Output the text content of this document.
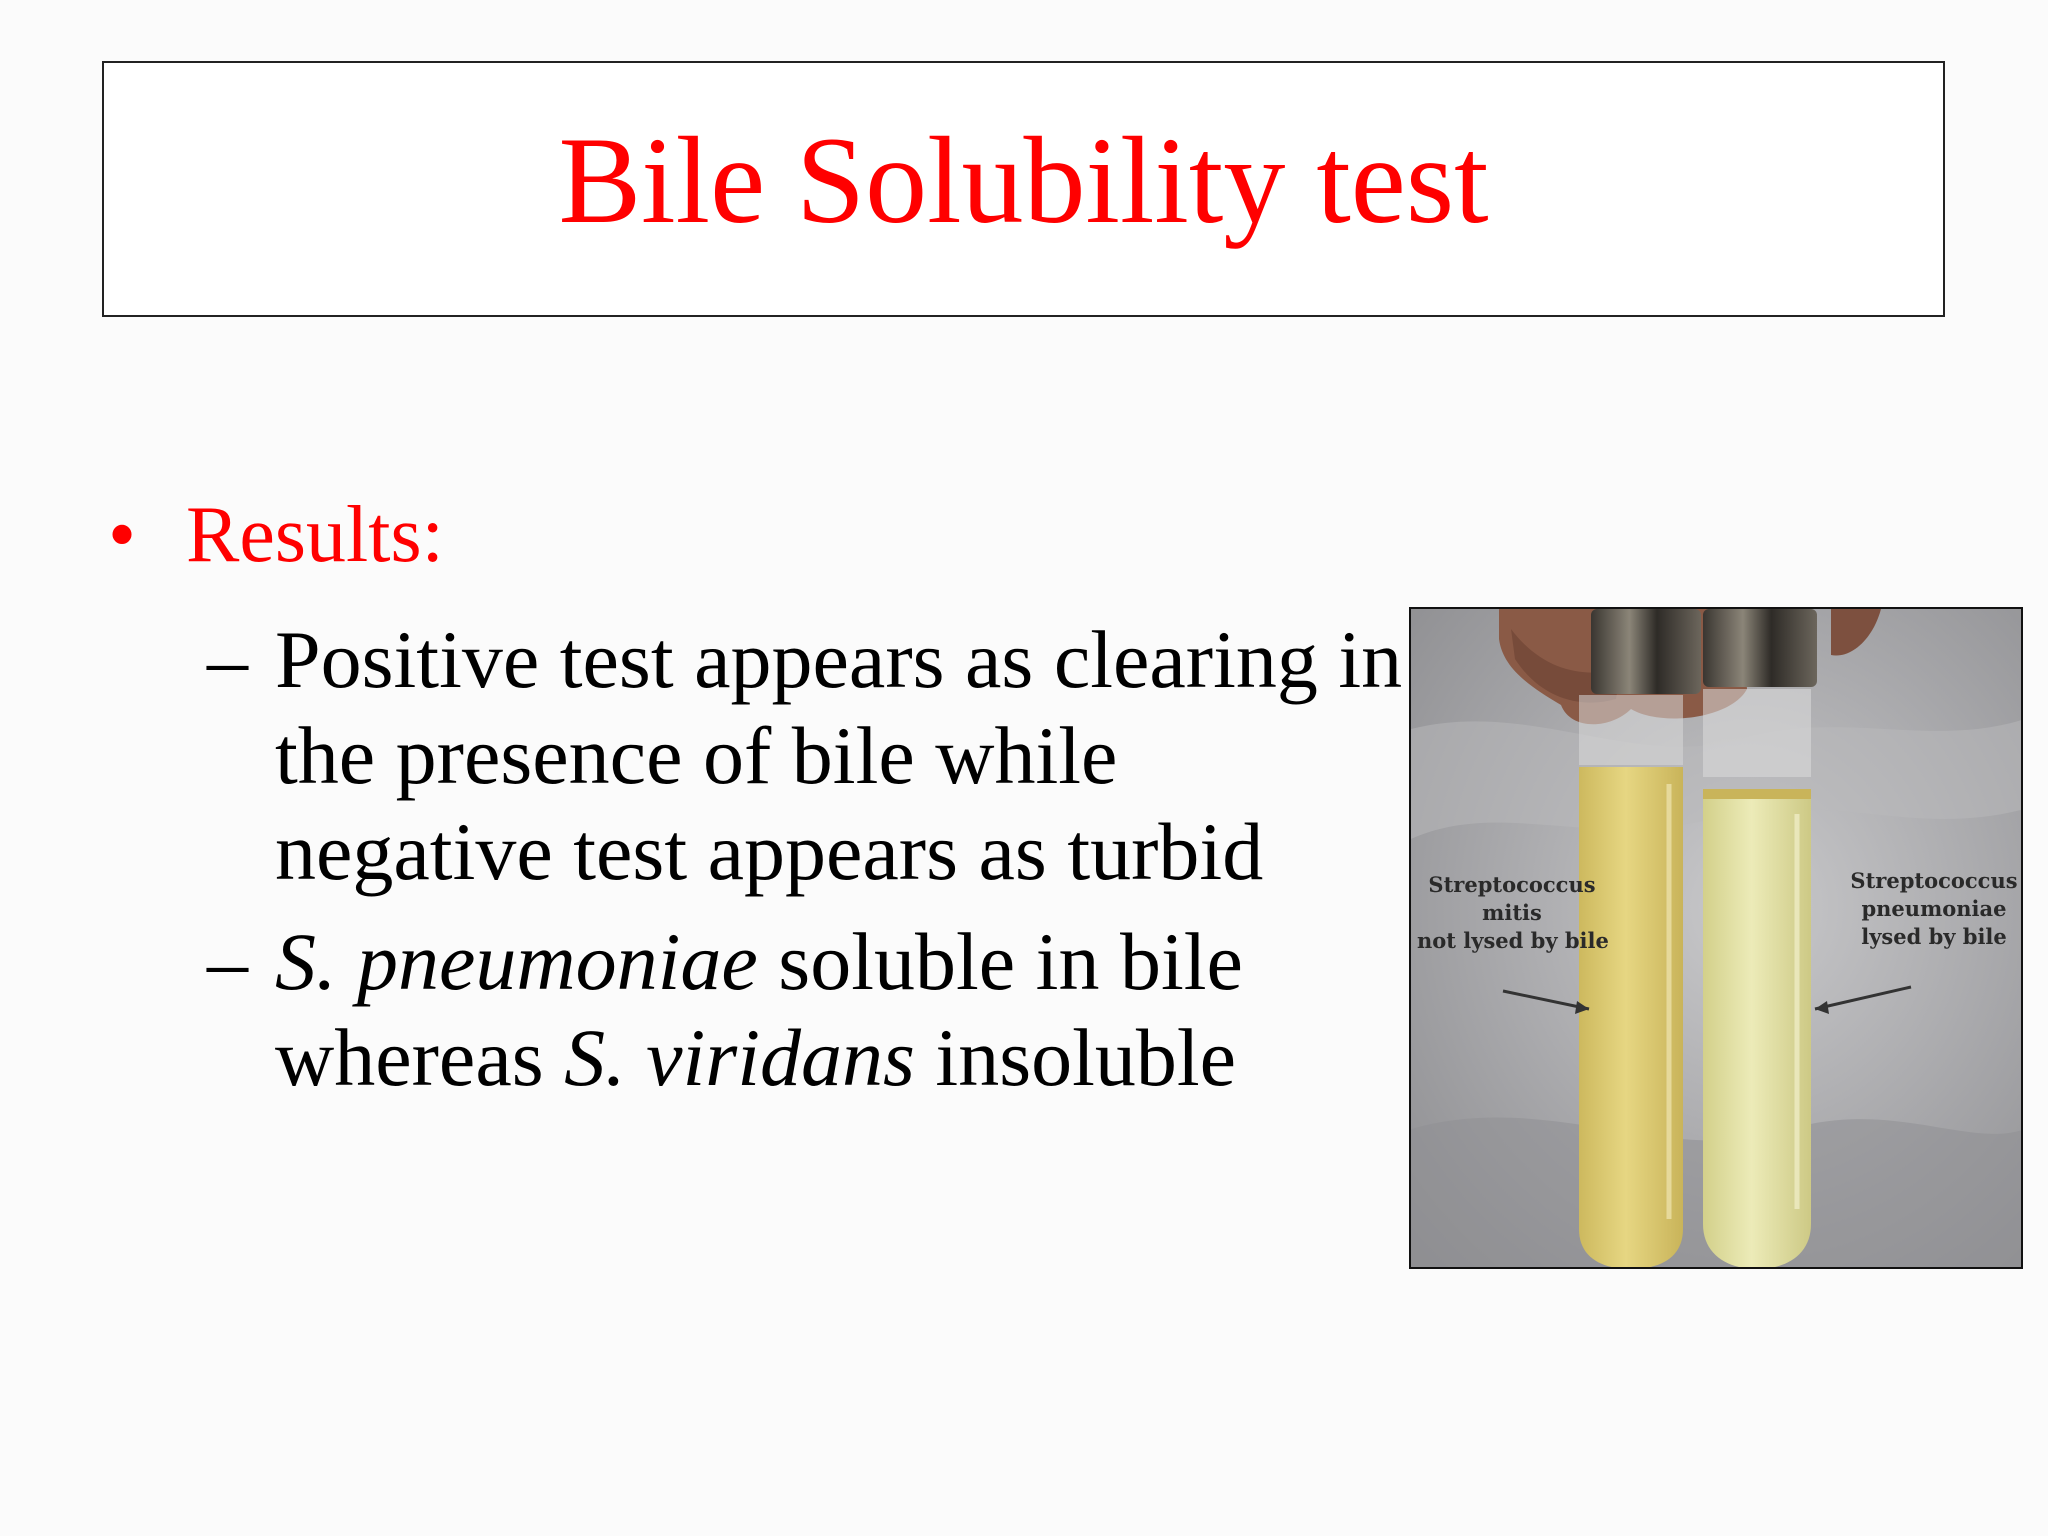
Bile Solubility test
• Results:
– Positive test appears as clearing in
the presence of bile while
negative test appears as turbid
– S. pneumoniae soluble in bile
whereas S. viridans insoluble
Streptococcus
mitis
not lysed by bile
Streptococcus
pneumoniae
lysed by bile
